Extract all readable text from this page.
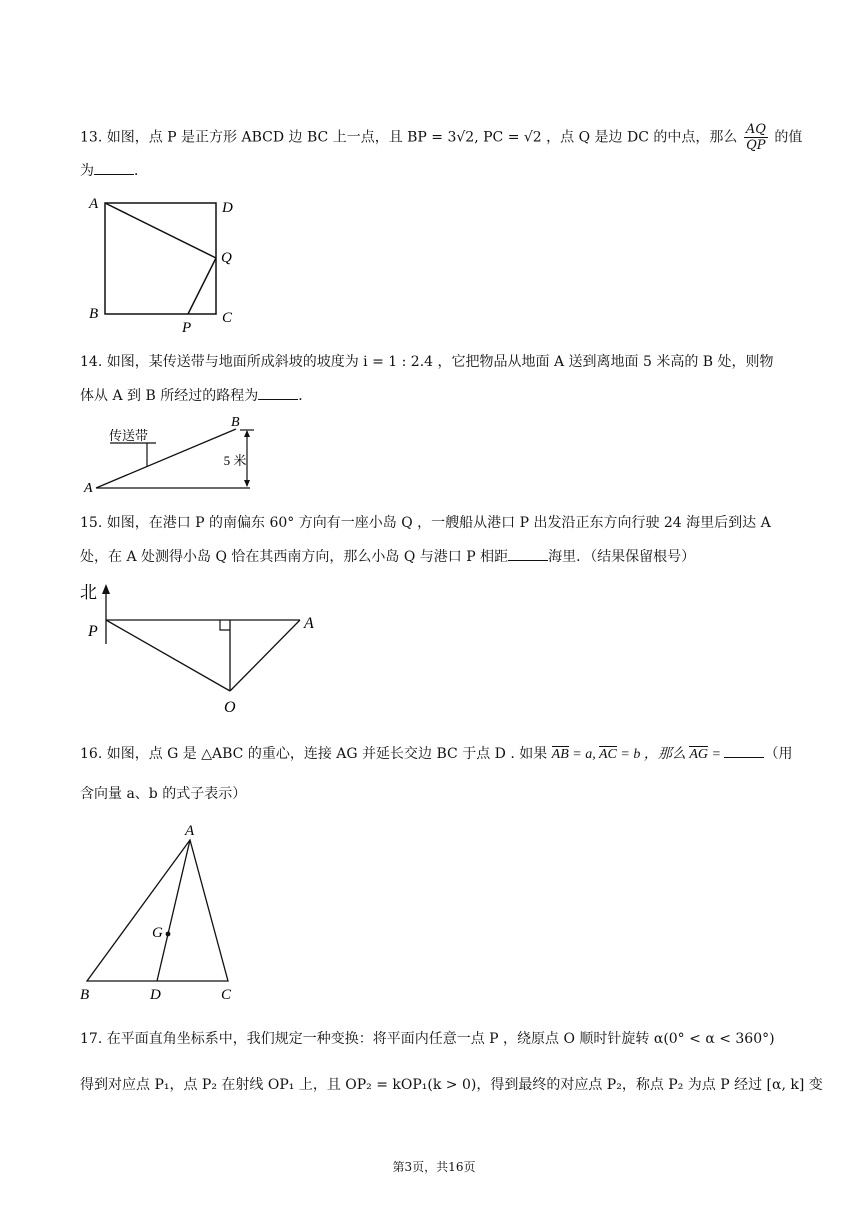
13. 如图，点 P 是正方形 ABCD 边 BC 上一点，且 BP = 3√2, PC = √2 ，点 Q 是边 DC 的中点，那么 $\frac{AQ}{QP}$ 的值
为	．
A	D
Q
B
P
C
14. 如图，某传送带与地面所成斜坡的坡度为 i = 1 : 2.4 ，它把物品从地面 A 送到离地面 5 米高的 B 处，则物
体从 A 到 B 所经过的路程为	．
传送带
5 米
A
B
15. 如图，在港口 P 的南偏东 60° 方向有一座小岛 Q ，一艘船从港口 P 出发沿正东方向行驶 24 海里后到达 A
处，在 A 处测得小岛 Q 恰在其西南方向，那么小岛 Q 与港口 P 相距	海里．（结果保留根号）
北
P	A
O
16. 如图，点 G 是 △ABC 的重心，连接 AG 并延长交边 BC 于点 D . 如果 AB = a, AC = b ，那么 AG =	（用
含向量 a、b 的式子表示）
A
G
B	D	C
17. 在平面直角坐标系中，我们规定一种变换：将平面内任意一点 P ，绕原点 O 顺时针旋转 α(0° < α < 360°)
得到对应点 P₁，点 P₂ 在射线 OP₁ 上，且 OP₂ = kOP₁(k > 0)，得到最终的对应点 P₂，称点 P₂ 为点 P 经过 [α, k] 变
第3页，共16页
